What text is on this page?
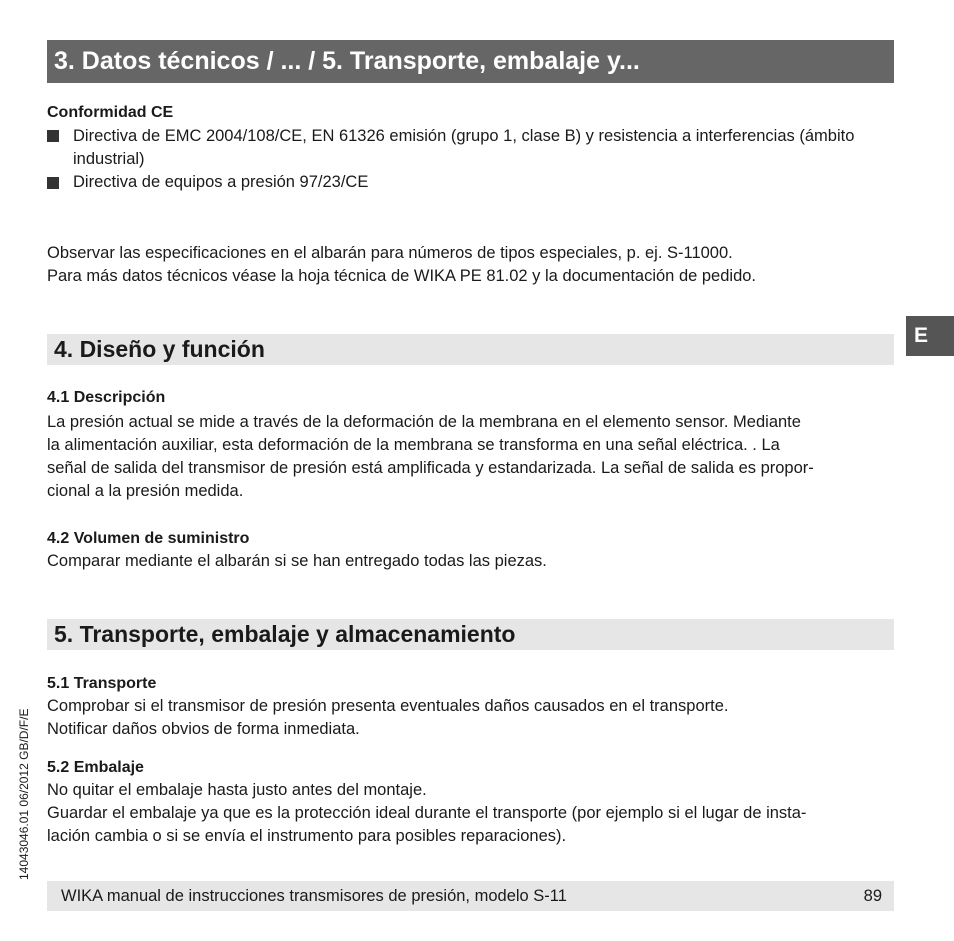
3. Datos técnicos / ... / 5. Transporte, embalaje y...
Conformidad CE
Directiva de EMC 2004/108/CE, EN 61326 emisión (grupo 1, clase B) y resistencia a interferencias (ámbito industrial)
Directiva de equipos a presión 97/23/CE
Observar las especificaciones en el albarán para números de tipos especiales, p. ej. S-11000.
Para más datos técnicos véase la hoja técnica de WIKA PE 81.02 y la documentación de pedido.
E
4. Diseño y función
4.1 Descripción
La presión actual se mide a través de la deformación de la membrana en el elemento sensor. Mediante
la alimentación auxiliar, esta deformación de la membrana se transforma en una señal eléctrica. . La
señal de salida del transmisor de presión está amplificada y estandarizada. La señal de salida es propor-
cional a la presión medida.
4.2 Volumen de suministro
Comparar mediante el albarán si se han entregado todas las piezas.
5. Transporte, embalaje y almacenamiento
5.1 Transporte
Comprobar si el transmisor de presión presenta eventuales daños causados en el transporte.
Notificar daños obvios de forma inmediata.
5.2 Embalaje
No quitar el embalaje hasta justo antes del montaje.
Guardar el embalaje ya que es la protección ideal durante el transporte (por ejemplo si el lugar de insta-
lación cambia o si se envía el instrumento para posibles reparaciones).
14043046.01 06/2012 GB/D/F/E
WIKA manual de instrucciones transmisores de presión, modelo S-11	89
